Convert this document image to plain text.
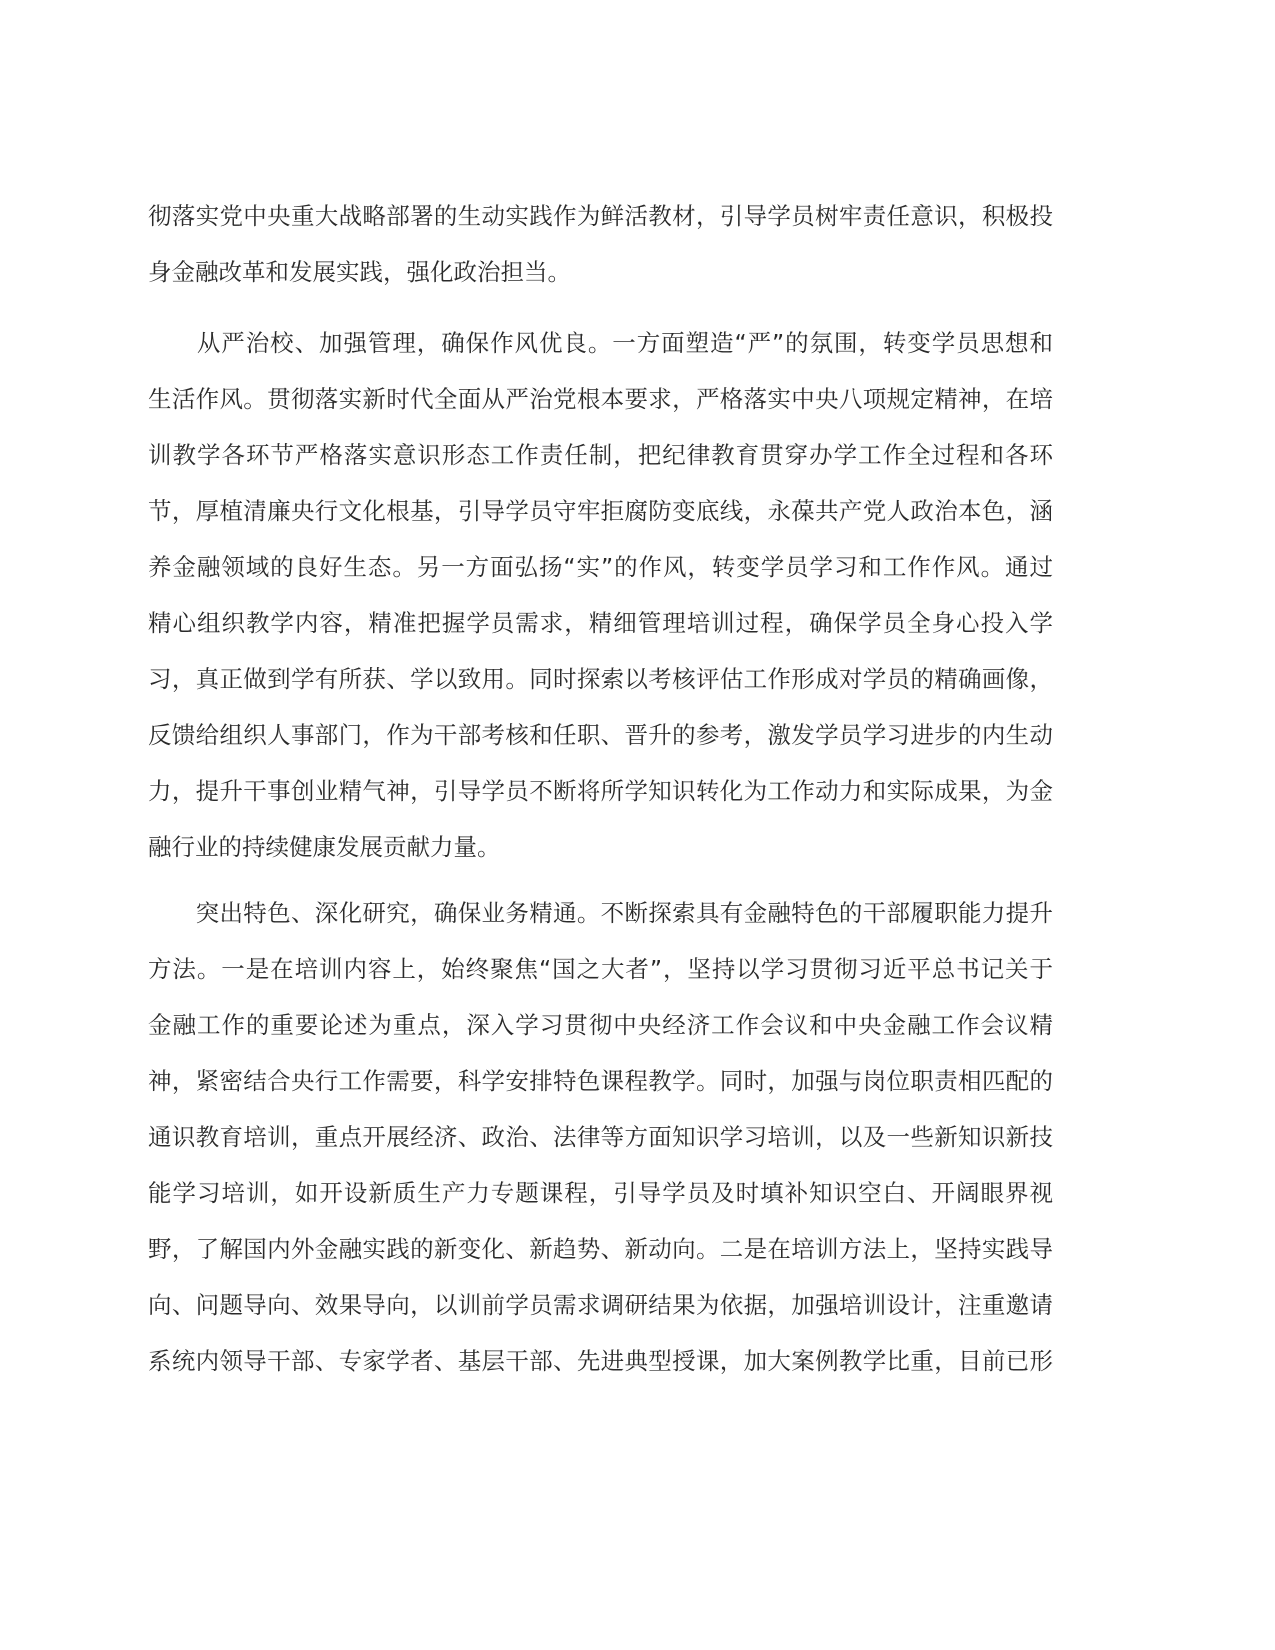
彻落实党中央重大战略部署的生动实践作为鲜活教材，引导学员树牢责任意识，积极投
身金融改革和发展实践，强化政治担当。
　　从严治校、加强管理，确保作风优良。一方面塑造“严”的氛围，转变学员思想和
生活作风。贯彻落实新时代全面从严治党根本要求，严格落实中央八项规定精神，在培
训教学各环节严格落实意识形态工作责任制，把纪律教育贯穿办学工作全过程和各环
节，厚植清廉央行文化根基，引导学员守牢拒腐防变底线，永葆共产党人政治本色，涵
养金融领域的良好生态。另一方面弘扬“实”的作风，转变学员学习和工作作风。通过
精心组织教学内容，精准把握学员需求，精细管理培训过程，确保学员全身心投入学
习，真正做到学有所获、学以致用。同时探索以考核评估工作形成对学员的精确画像，
反馈给组织人事部门，作为干部考核和任职、晋升的参考，激发学员学习进步的内生动
力，提升干事创业精气神，引导学员不断将所学知识转化为工作动力和实际成果，为金
融行业的持续健康发展贡献力量。
　　突出特色、深化研究，确保业务精通。不断探索具有金融特色的干部履职能力提升
方法。一是在培训内容上，始终聚焦“国之大者”，坚持以学习贯彻习近平总书记关于
金融工作的重要论述为重点，深入学习贯彻中央经济工作会议和中央金融工作会议精
神，紧密结合央行工作需要，科学安排特色课程教学。同时，加强与岗位职责相匹配的
通识教育培训，重点开展经济、政治、法律等方面知识学习培训，以及一些新知识新技
能学习培训，如开设新质生产力专题课程，引导学员及时填补知识空白、开阔眼界视
野，了解国内外金融实践的新变化、新趋势、新动向。二是在培训方法上，坚持实践导
向、问题导向、效果导向，以训前学员需求调研结果为依据，加强培训设计，注重邀请
系统内领导干部、专家学者、基层干部、先进典型授课，加大案例教学比重，目前已形
